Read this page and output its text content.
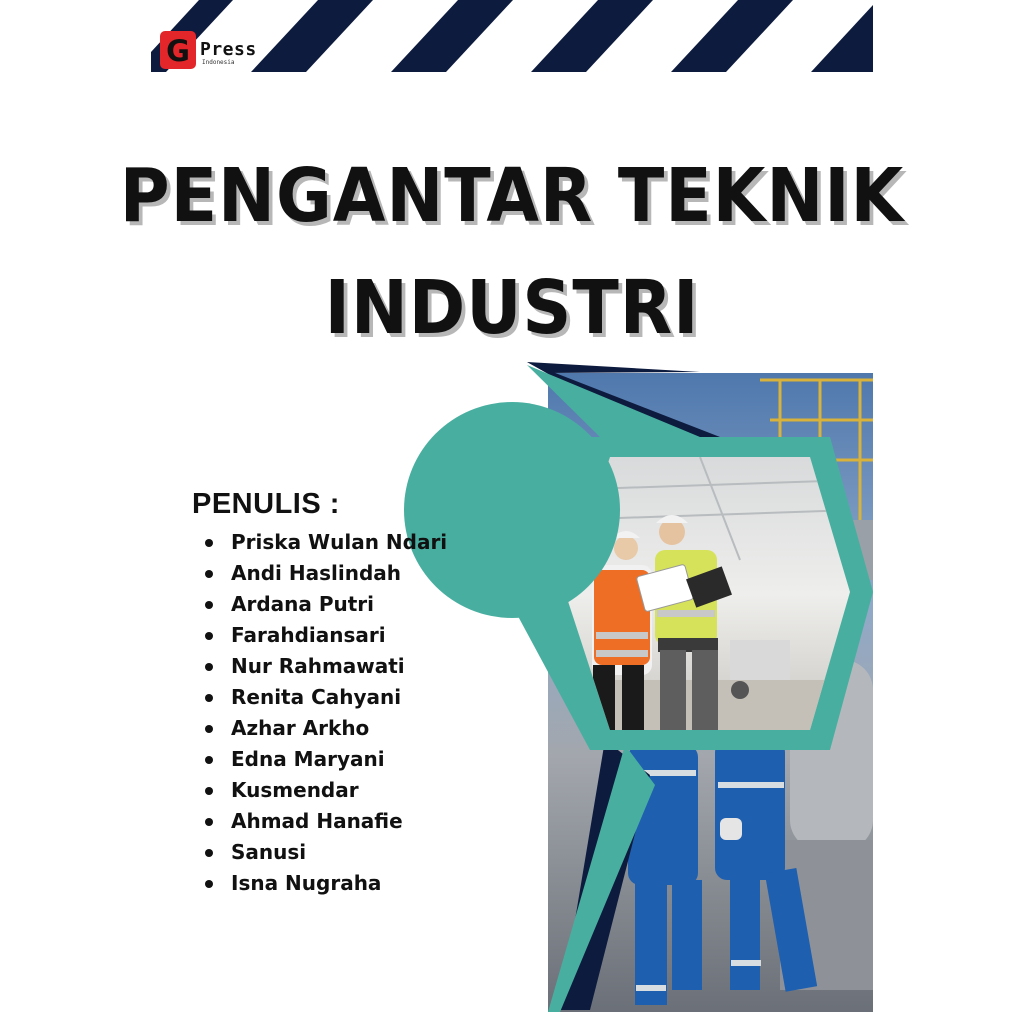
G Press
Indonesia
PENGANTAR TEKNIK
INDUSTRI
PENULIS :
Priska Wulan Ndari
Andi Haslindah
Ardana Putri
Farahdiansari
Nur Rahmawati
Renita Cahyani
Azhar Arkho
Edna Maryani
Kusmendar
Ahmad Hanafie
Sanusi
Isna Nugraha
